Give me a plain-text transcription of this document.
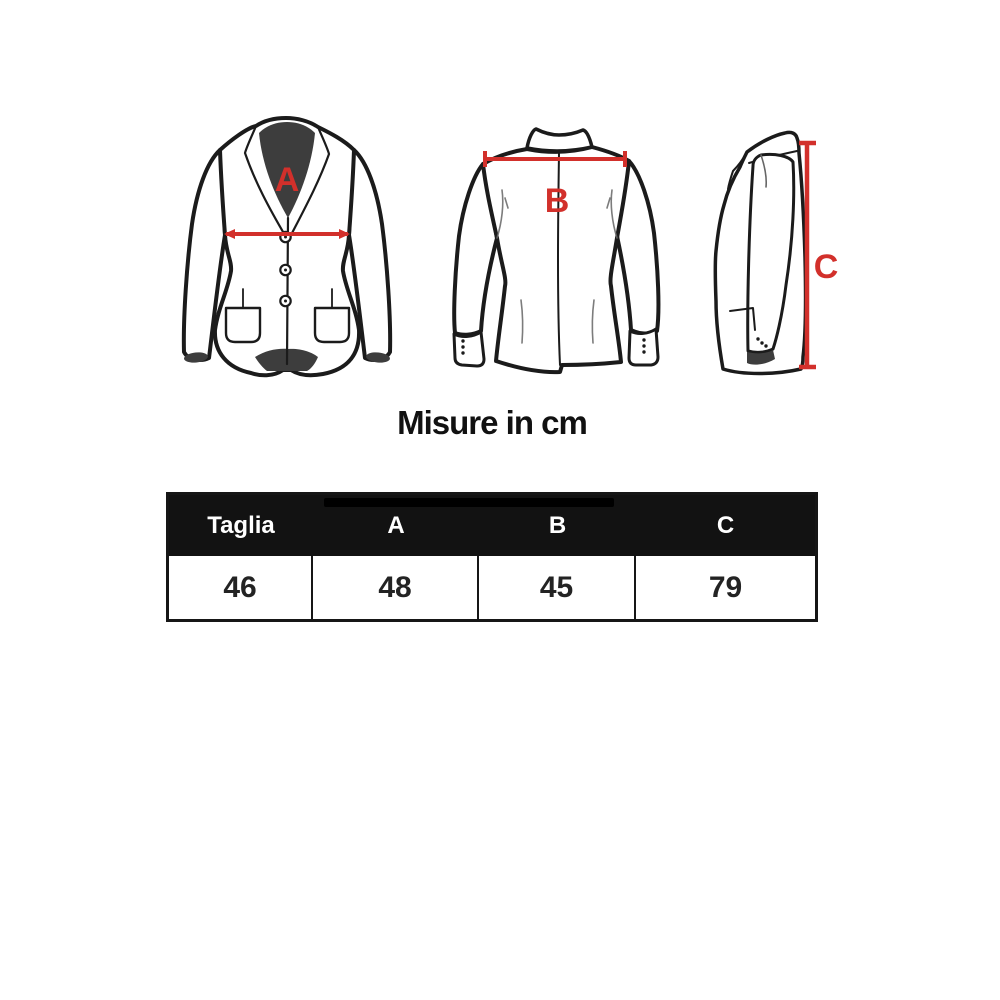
A
B
C
Misure in cm
Taglia	A	B	C
46	48	45	79
